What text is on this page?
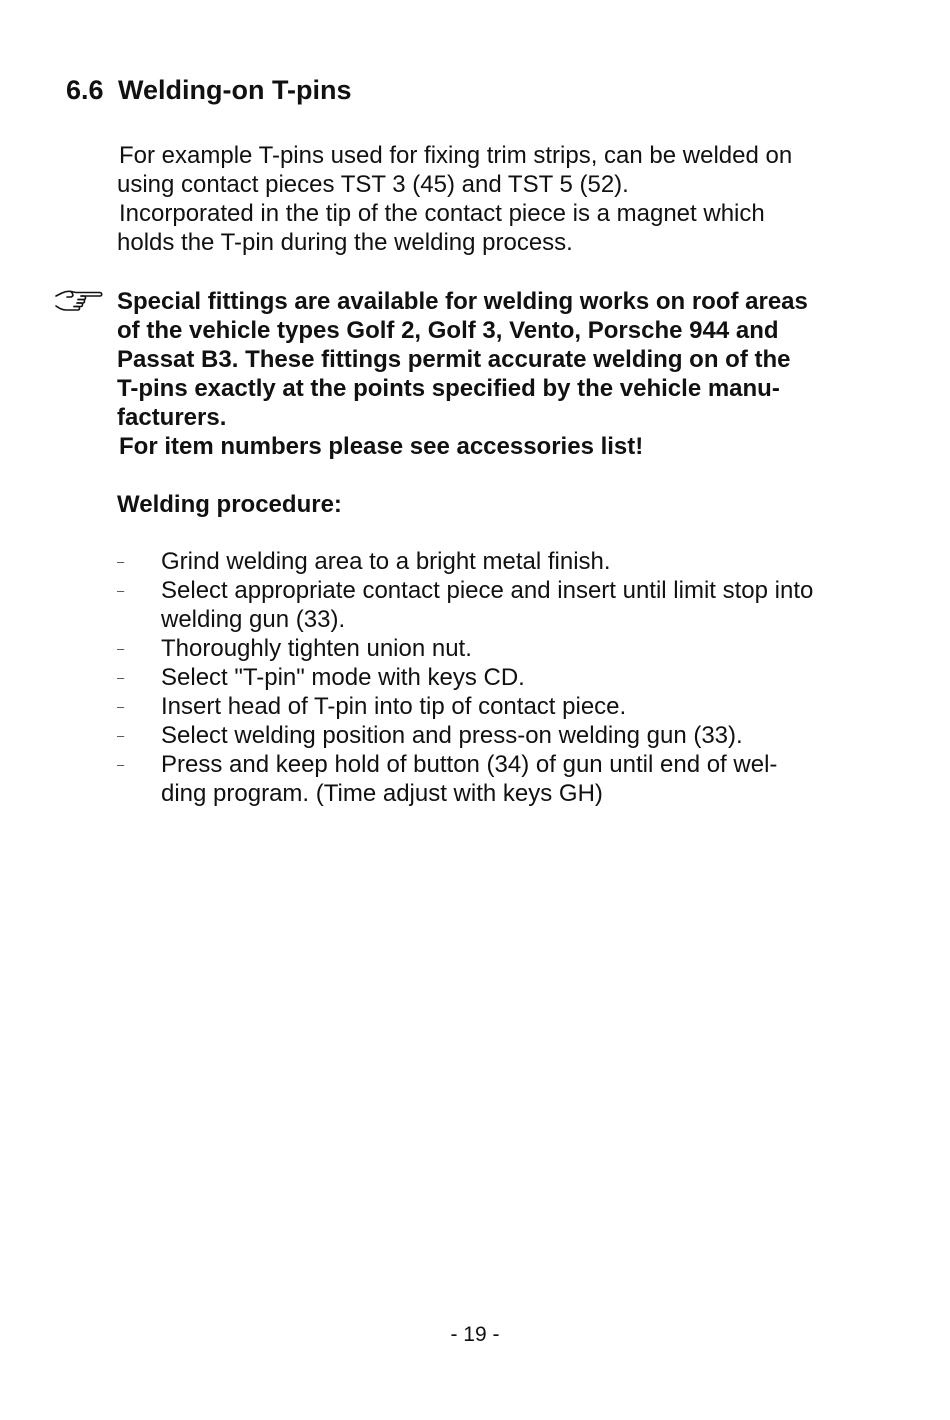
6.6 Welding-on T-pins
For example T-pins used for fixing trim strips, can be welded on
using contact pieces TST 3 (45) and TST 5 (52).
Incorporated in the tip of the contact piece is a magnet which
holds the T-pin during the welding process.
Special fittings are available for welding works on roof areas
of the vehicle types Golf 2, Golf 3, Vento, Porsche 944 and
Passat B3. These fittings permit accurate welding on of the
T-pins exactly at the points specified by the vehicle manu-
facturers.
For item numbers please see accessories list!
Welding procedure:
– Grind welding area to a bright metal finish.
– Select appropriate contact piece and insert until limit stop into
welding gun (33).
– Thoroughly tighten union nut.
– Select "T-pin" mode with keys CD.
– Insert head of T-pin into tip of contact piece.
– Select welding position and press-on welding gun (33).
– Press and keep hold of button (34) of gun until end of wel-
ding program. (Time adjust with keys GH)
- 19 -
